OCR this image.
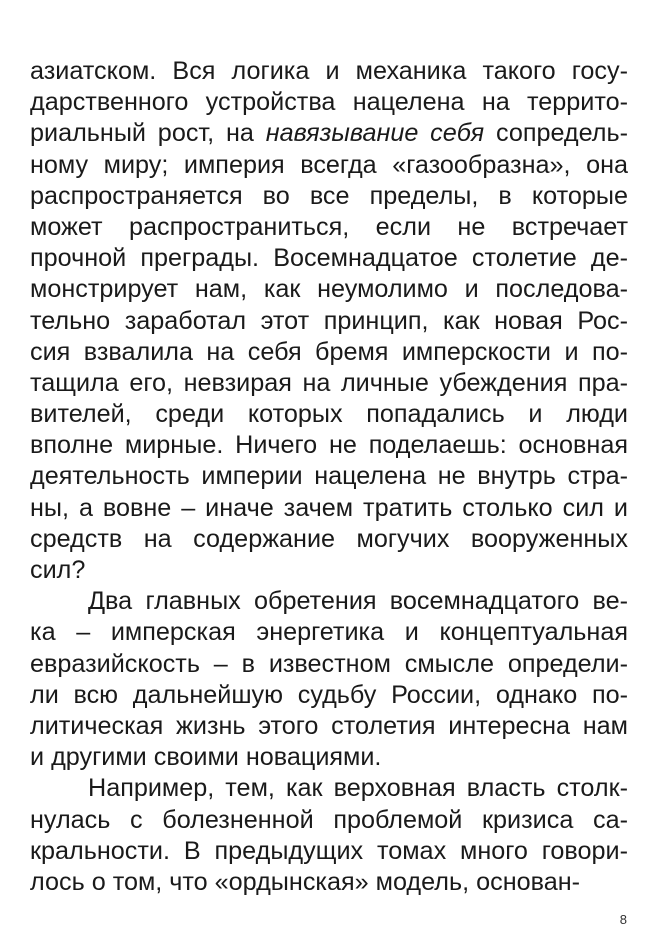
азиатском. Вся логика и механика такого госу-
дарственного устройства нацелена на террито-
риальный рост, на навязывание себя сопредель-
ному миру; империя всегда «газообразна», она
распространяется во все пределы, в которые
может распространиться, если не встречает
прочной преграды. Восемнадцатое столетие де-
монстрирует нам, как неумолимо и последова-
тельно заработал этот принцип, как новая Рос-
сия взвалила на себя бремя имперскости и по-
тащила его, невзирая на личные убеждения пра-
вителей, среди которых попадались и люди
вполне мирные. Ничего не поделаешь: основная
деятельность империи нацелена не внутрь стра-
ны, а вовне – иначе зачем тратить столько сил и
средств на содержание могучих вооруженных
сил?
Два главных обретения восемнадцатого ве-
ка – имперская энергетика и концептуальная
евразийскость – в известном смысле определи-
ли всю дальнейшую судьбу России, однако по-
литическая жизнь этого столетия интересна нам
и другими своими новациями.
Например, тем, как верховная власть столк-
нулась с болезненной проблемой кризиса са-
кральности. В предыдущих томах много говори-
лось о том, что «ордынская» модель, основан-
8
